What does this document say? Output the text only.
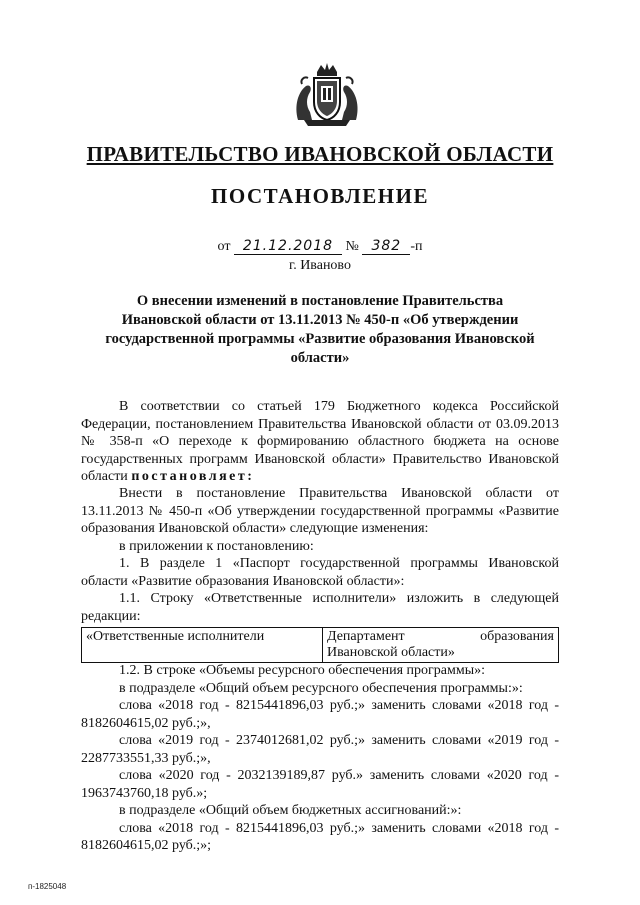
ПРАВИТЕЛЬСТВО ИВАНОВСКОЙ ОБЛАСТИ
ПОСТАНОВЛЕНИЕ
от 21.12.2018 № 382 -п
г. Иваново
О внесении изменений в постановление Правительства Ивановской области от 13.11.2013 № 450-п «Об утверждении государственной программы «Развитие образования Ивановской области»

В соответствии со статьей 179 Бюджетного кодекса Российской Федерации, постановлением Правительства Ивановской области от 03.09.2013 № 358-п «О переходе к формированию областного бюджета на основе государственных программ Ивановской области» Правительство Ивановской области постановляет:

Внести в постановление Правительства Ивановской области от 13.11.2013 № 450-п «Об утверждении государственной программы «Развитие образования Ивановской области» следующие изменения:

в приложении к постановлению:

1. В разделе 1 «Паспорт государственной программы Ивановской области «Развитие образования Ивановской области»:

1.1. Строку «Ответственные исполнители» изложить в следующей редакции:

«Ответственные исполнители	Департамент образования Ивановской области»

1.2. В строке «Объемы ресурсного обеспечения программы»:

в подразделе «Общий объем ресурсного обеспечения программы:»:

слова «2018 год - 8215441896,03 руб.;» заменить словами «2018 год - 8182604615,02 руб.;»,

слова «2019 год - 2374012681,02 руб.;» заменить словами «2019 год - 2287733551,33 руб.;»,

слова «2020 год - 2032139189,87 руб.» заменить словами «2020 год - 1963743760,18 руб.»;

в подразделе «Общий объем бюджетных ассигнований:»:

слова «2018 год - 8215441896,03 руб.;» заменить словами «2018 год - 8182604615,02 руб.;»;

п-1825048
